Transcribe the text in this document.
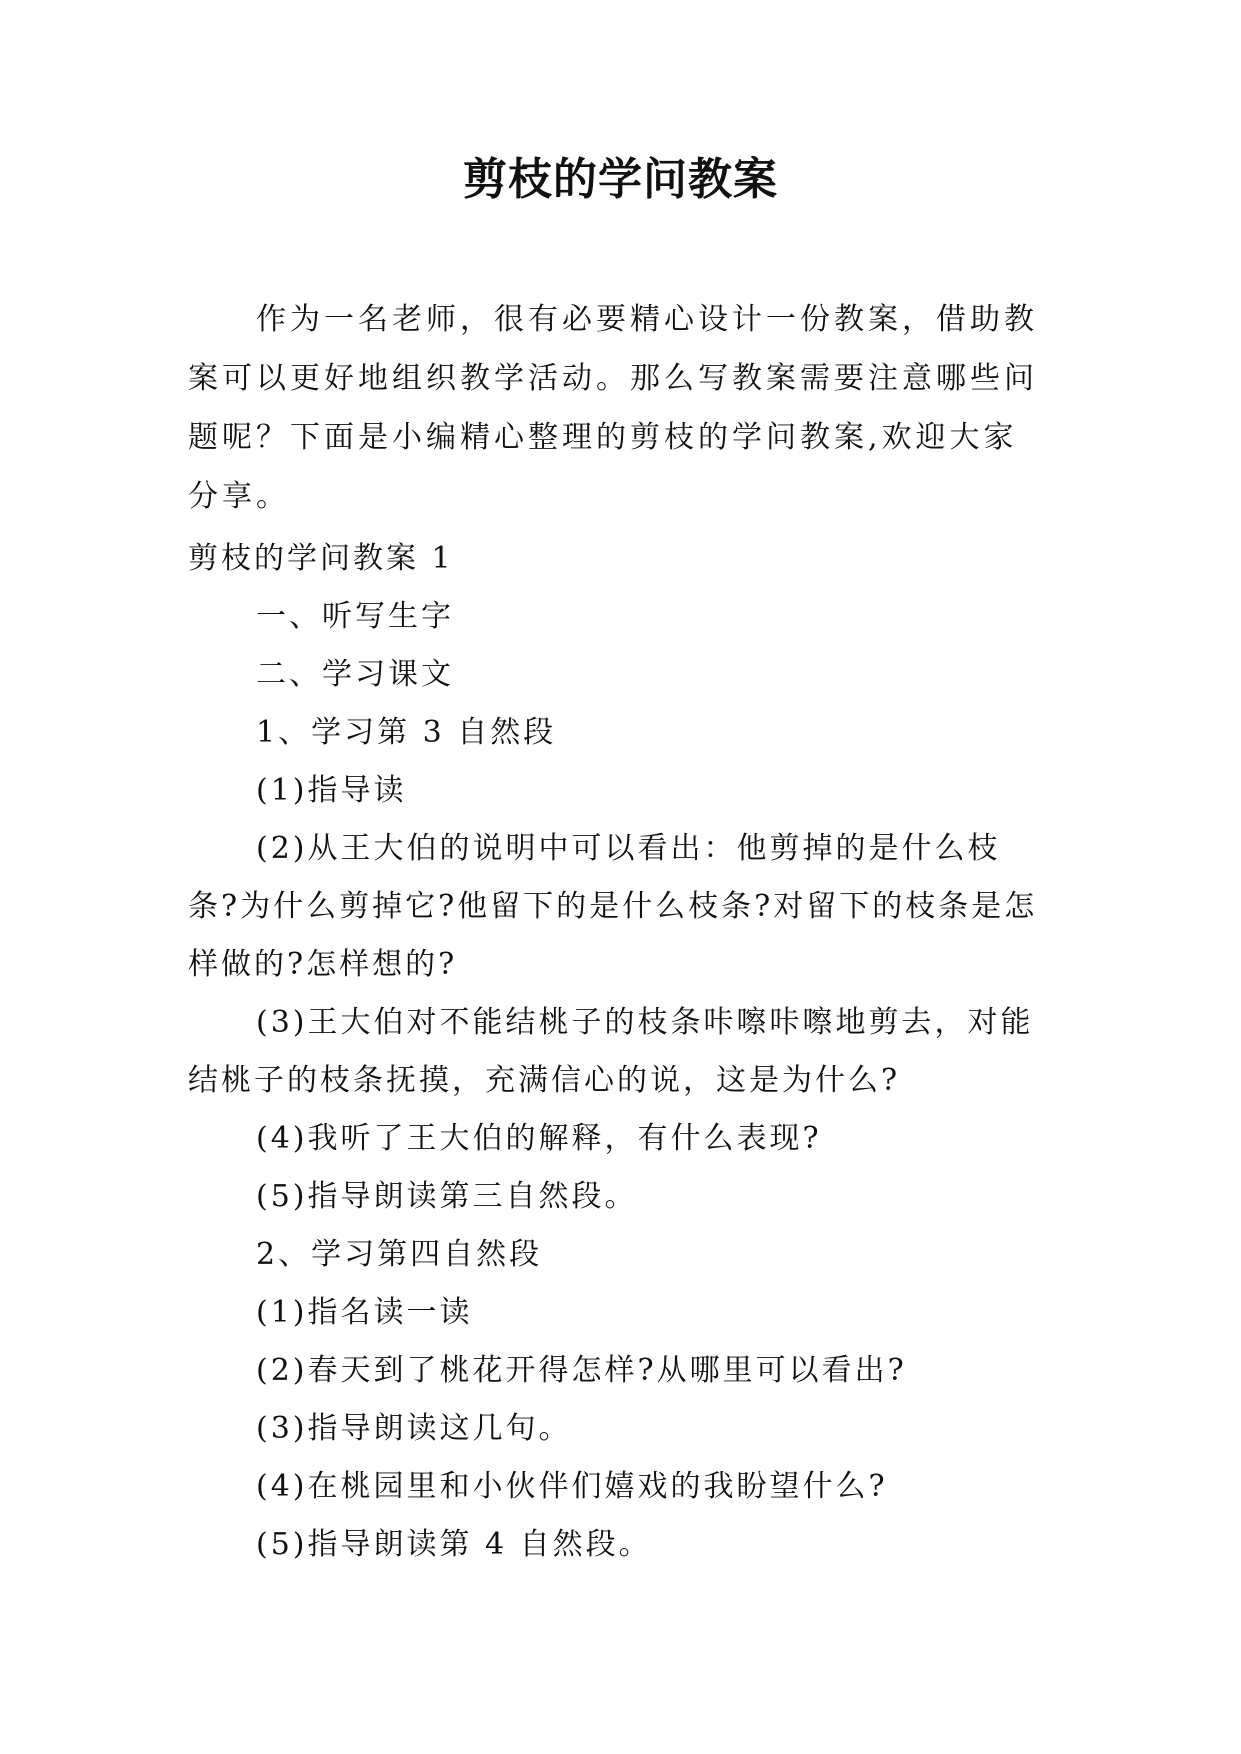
剪枝的学问教案

作为一名老师，很有必要精心设计一份教案，借助教案可以更好地组织教学活动。那么写教案需要注意哪些问题呢？下面是小编精心整理的剪枝的学问教案,欢迎大家分享。

剪枝的学问教案 1

一、听写生字

二、学习课文

1、学习第 3 自然段

(1)指导读

(2)从王大伯的说明中可以看出：他剪掉的是什么枝条?为什么剪掉它?他留下的是什么枝条?对留下的枝条是怎样做的?怎样想的?

(3)王大伯对不能结桃子的枝条咔嚓咔嚓地剪去，对能结桃子的枝条抚摸，充满信心的说，这是为什么?

(4)我听了王大伯的解释，有什么表现?

(5)指导朗读第三自然段。

2、学习第四自然段

(1)指名读一读

(2)春天到了桃花开得怎样?从哪里可以看出?

(3)指导朗读这几句。

(4)在桃园里和小伙伴们嬉戏的我盼望什么?

(5)指导朗读第 4 自然段。
